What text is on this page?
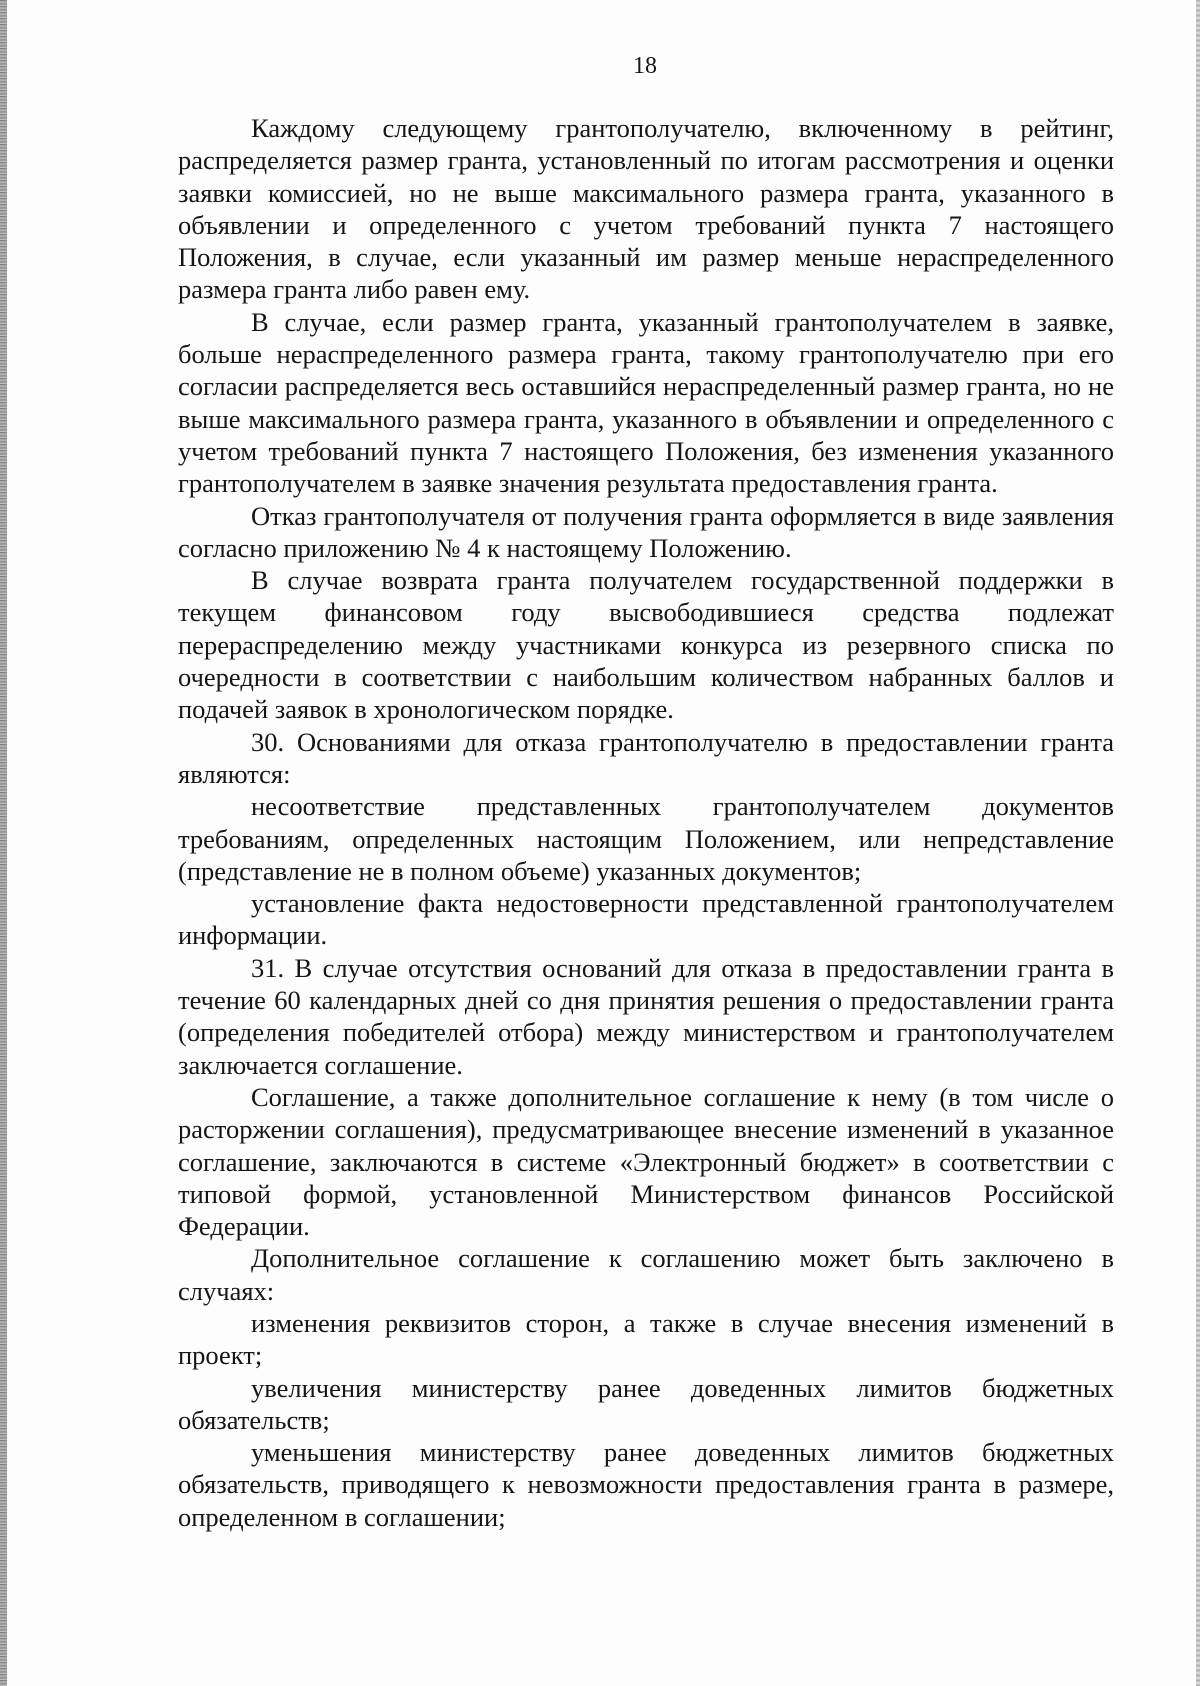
18

Каждому следующему грантополучателю, включенному в рейтинг, распределяется размер гранта, установленный по итогам рассмотрения и оценки заявки комиссией, но не выше максимального размера гранта, указанного в объявлении и определенного с учетом требований пункта 7 настоящего Положения, в случае, если указанный им размер меньше нераспределенного размера гранта либо равен ему.

В случае, если размер гранта, указанный грантополучателем в заявке, больше нераспределенного размера гранта, такому грантополучателю при его согласии распределяется весь оставшийся нераспределенный размер гранта, но не выше максимального размера гранта, указанного в объявлении и определенного с учетом требований пункта 7 настоящего Положения, без изменения указанного грантополучателем в заявке значения результата предоставления гранта.

Отказ грантополучателя от получения гранта оформляется в виде заявления согласно приложению № 4 к настоящему Положению.

В случае возврата гранта получателем государственной поддержки в текущем финансовом году высвободившиеся средства подлежат перераспределению между участниками конкурса из резервного списка по очередности в соответствии с наибольшим количеством набранных баллов и подачей заявок в хронологическом порядке.

30. Основаниями для отказа грантополучателю в предоставлении гранта являются:

несоответствие представленных грантополучателем документов требованиям, определенных настоящим Положением, или непредставление (представление не в полном объеме) указанных документов;

установление факта недостоверности представленной грантополучателем информации.

31. В случае отсутствия оснований для отказа в предоставлении гранта в течение 60 календарных дней со дня принятия решения о предоставлении гранта (определения победителей отбора) между министерством и грантополучателем заключается соглашение.

Соглашение, а также дополнительное соглашение к нему (в том числе о расторжении соглашения), предусматривающее внесение изменений в указанное соглашение, заключаются в системе «Электронный бюджет» в соответствии с типовой формой, установленной Министерством финансов Российской Федерации.

Дополнительное соглашение к соглашению может быть заключено в случаях:

изменения реквизитов сторон, а также в случае внесения изменений в проект;

увеличения министерству ранее доведенных лимитов бюджетных обязательств;

уменьшения министерству ранее доведенных лимитов бюджетных обязательств, приводящего к невозможности предоставления гранта в размере, определенном в соглашении;
